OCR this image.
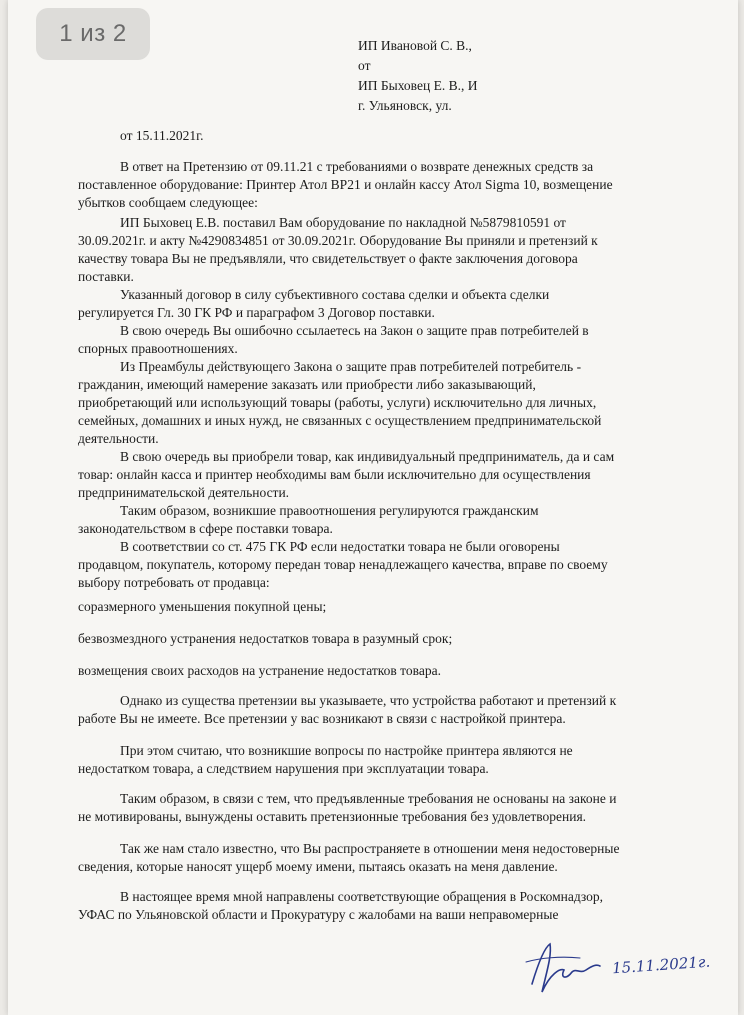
1 из 2	ИП Ивановой С. В.,
от
ИП Быховец Е. В., И
г. Ульяновск, ул.
от 15.11.2021г.
В ответ на Претензию от 09.11.21 с требованиями о возврате денежных средств за
поставленное оборудование: Принтер Атол BP21 и онлайн кассу Атол Sigma 10, возмещение
убытков сообщаем следующее:
ИП Быховец Е.В. поставил Вам оборудование по накладной №5879810591 от
30.09.2021г. и акту №4290834851 от 30.09.2021г. Оборудование Вы приняли и претензий к
качеству товара Вы не предъявляли, что свидетельствует о факте заключения договора
поставки.
Указанный договор в силу субъективного состава сделки и объекта сделки
регулируется Гл. 30 ГК РФ и параграфом 3 Договор поставки.
В свою очередь Вы ошибочно ссылаетесь на Закон о защите прав потребителей в
спорных правоотношениях.
Из Преамбулы действующего Закона о защите прав потребителей потребитель -
гражданин, имеющий намерение заказать или приобрести либо заказывающий,
приобретающий или использующий товары (работы, услуги) исключительно для личных,
семейных, домашних и иных нужд, не связанных с осуществлением предпринимательской
деятельности.
В свою очередь вы приобрели товар, как индивидуальный предприниматель, да и сам
товар: онлайн касса и принтер необходимы вам были исключительно для осуществления
предпринимательской деятельности.
Таким образом, возникшие правоотношения регулируются гражданским
законодательством в сфере поставки товара.
В соответствии со ст. 475 ГК РФ если недостатки товара не были оговорены
продавцом, покупатель, которому передан товар ненадлежащего качества, вправе по своему
выбору потребовать от продавца:
соразмерного уменьшения покупной цены;
безвозмездного устранения недостатков товара в разумный срок;
возмещения своих расходов на устранение недостатков товара.
Однако из существа претензии вы указываете, что устройства работают и претензий к
работе Вы не имеете. Все претензии у вас возникают в связи с настройкой принтера.
При этом считаю, что возникшие вопросы по настройке принтера являются не
недостатком товара, а следствием нарушения при эксплуатации товара.
Таким образом, в связи с тем, что предъявленные требования не основаны на законе и
не мотивированы, вынуждены оставить претензионные требования без удовлетворения.
Так же нам стало известно, что Вы распространяете в отношении меня недостоверные
сведения, которые наносят ущерб моему имени, пытаясь оказать на меня давление.
В настоящее время мной направлены соответствующие обращения в Роскомнадзор,
УФАС по Ульяновской области и Прокуратуру с жалобами на ваши неправомерные
15.11.2021г.
